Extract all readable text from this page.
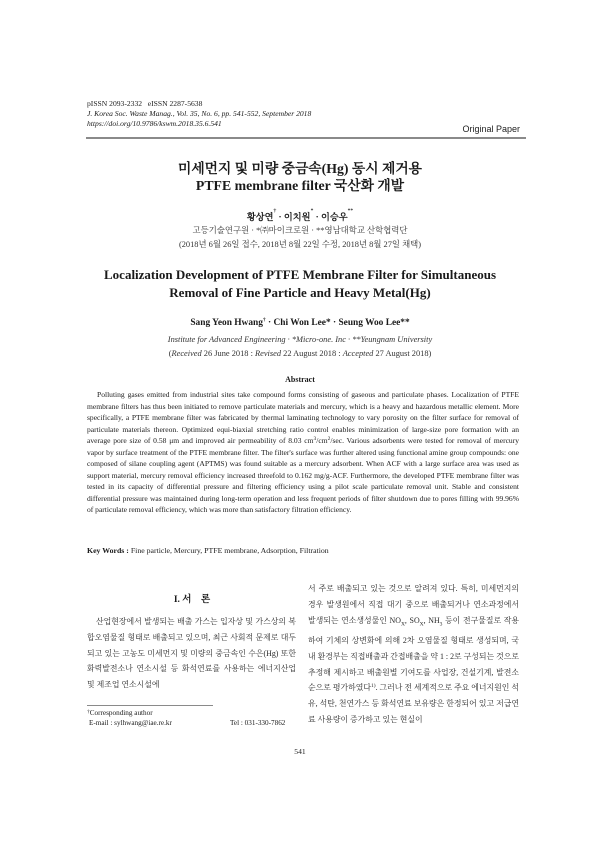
pISSN 2093-2332   eISSN 2287-5638
J. Korea Soc. Waste Manag., Vol. 35, No. 6, pp. 541-552, September 2018
https://doi.org/10.9786/kswm.2018.35.6.541
Original Paper
미세먼지 및 미량 중금속(Hg) 동시 제거용
PTFE membrane filter 국산화 개발
황상연† · 이치원* · 이승우**
고등기술연구원 · *㈜마이크로원 · **영남대학교 산학협력단
(2018년 6월 26일 접수, 2018년 8월 22일 수정, 2018년 8월 27일 채택)
Localization Development of PTFE Membrane Filter for Simultaneous
Removal of Fine Particle and Heavy Metal(Hg)
Sang Yeon Hwang† · Chi Won Lee* · Seung Woo Lee**
Institute for Advanced Engineering · *Micro-one. Inc · **Yeungnam University
(Received 26 June 2018 : Revised 22 August 2018 : Accepted 27 August 2018)
Abstract
Polluting gases emitted from industrial sites take compound forms consisting of gaseous and particulate phases. Localization of PTFE membrane filters has thus been initiated to remove particulate materials and mercury, which is a heavy and hazardous metallic element. More specifically, a PTFE membrane filter was fabricated by thermal laminating technology to vary porosity on the filter surface for removal of particulate materials thereon. Optimized equi-biaxial stretching ratio control enables minimization of large-size pore formation with an average pore size of 0.58 μm and improved air permeability of 8.03 $cm^3/cm^2/\sec$. Various adsorbents were tested for removal of mercury vapor by surface treatment of the PTFE membrane filter. The filter's surface was further altered using functional amine group compounds: one composed of silane coupling agent (APTMS) was found suitable as a mercury adsorbent. When ACF with a large surface area was used as support material, mercury removal efficiency increased threefold to 0.162 mg/g-ACF. Furthermore, the developed PTFE membrane filter was tested in its capacity of differential pressure and filtering efficiency using a pilot scale particulate removal unit. Stable and consistent differential pressure was maintained during long-term operation and less frequent periods of filter shutdown due to pores filling with 99.96% of particulate removal efficiency, which was more than satisfactory filtration efficiency.
Key Words : Fine particle, Mercury, PTFE membrane, Adsorption, Filtration
I. 서    론
산업현장에서 발생되는 배출 가스는 입자상 및 가스상의 복합오염물질 형태로 배출되고 있으며, 최근 사회적 문제로 대두되고 있는 고농도 미세먼지 및 미량의 중금속인 수은(Hg) 또한 화력발전소나 연소시설 등 화석연료를 사용하는 에너지산업 및 제조업 연소시설에
서 주로 배출되고 있는 것으로 알려져 있다. 특히, 미세먼지의 경우 발생원에서 직접 대기 중으로 배출되거나 연소과정에서 발생되는 연소생성물인 $NO_X$, $SO_X$, $NH_3$ 등이 전구물질로 작용하여 기체의 상변화에 의해 2차 오염물질 형태로 생성되며, 국내 환경부는 직접배출과 간접배출을 약 1 : 2로 구성되는 것으로 추정해 제시하고 배출원별 기여도를 사업장, 건설기계, 발전소 순으로 평가하였다$^{1)}$. 그러나 전 세계적으로 주요 에너지원인 석유, 석탄, 천연가스 등 화석연료 보유량은 한정되어 있고 저급연료 사용량이 증가하고 있는 현실이
†Corresponding author
E-mail : sylhwang@iae.re.kr	Tel : 031-330-7862
541
